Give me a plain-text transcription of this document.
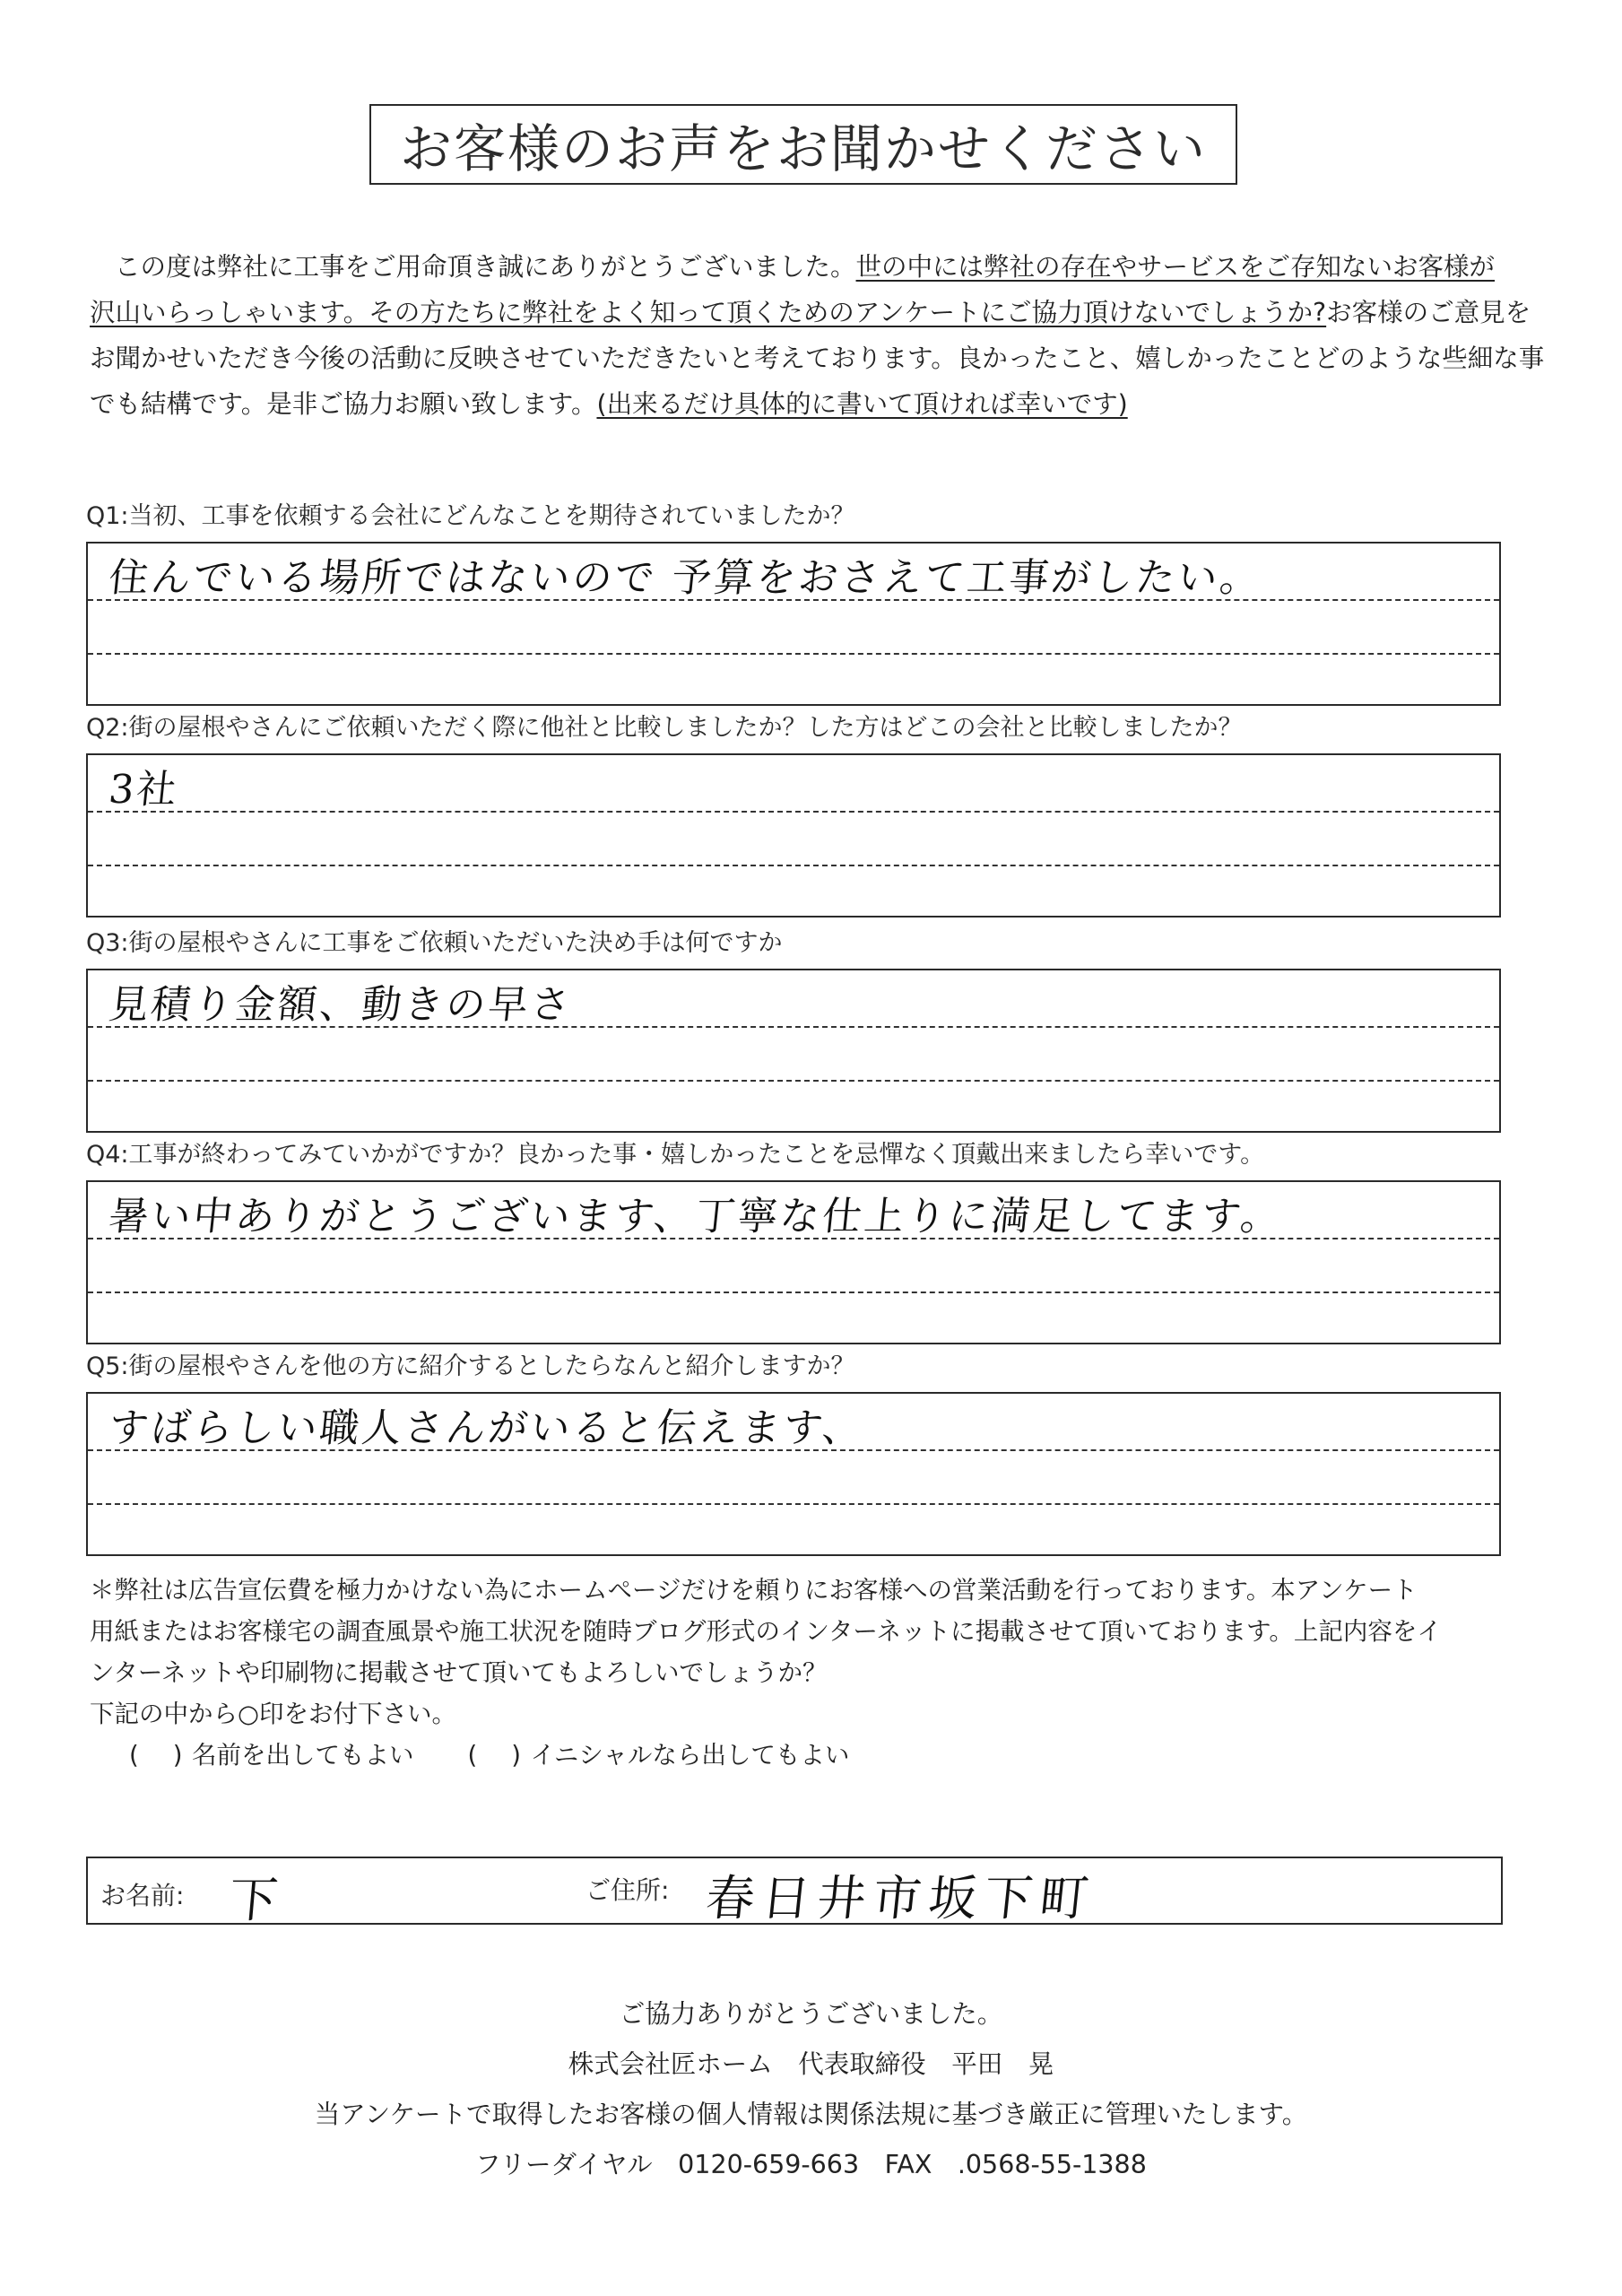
お客様のお声をお聞かせください

この度は弊社に工事をご用命頂き誠にありがとうございました。世の中には弊社の存在やサービスをご存知ないお客様が

沢山いらっしゃいます。その方たちに弊社をよく知って頂くためのアンケートにご協力頂けないでしょうか?お客様のご意見を

お聞かせいただき今後の活動に反映させていただきたいと考えております。良かったこと、嬉しかったことどのような些細な事

でも結構です。是非ご協力お願い致します。(出来るだけ具体的に書いて頂ければ幸いです)

Q1:当初、工事を依頼する会社にどんなことを期待されていましたか？
住んでいる場所ではないので 予算をおさえて工事がしたい。
Q2:街の屋根やさんにご依頼いただく際に他社と比較しましたか？した方はどこの会社と比較しましたか？
3社
Q3:街の屋根やさんに工事をご依頼いただいた決め手は何ですか
見積り金額、動きの早さ
Q4:工事が終わってみていかがですか？良かった事・嬉しかったことを忌憚なく頂戴出来ましたら幸いです。
暑い中ありがとうございます、丁寧な仕上りに満足してます。
Q5:街の屋根やさんを他の方に紹介するとしたらなんと紹介しますか？
すばらしい職人さんがいると伝えます、

＊弊社は広告宣伝費を極力かけない為にホームページだけを頼りにお客様への営業活動を行っております。本アンケート

用紙またはお客様宅の調査風景や施工状況を随時ブログ形式のインターネットに掲載させて頂いております。上記内容をイ

ンターネットや印刷物に掲載させて頂いてもよろしいでしょうか？

下記の中から○印をお付下さい。

( ) 名前を出してもよい ( ) イニシャルなら出してもよい
お名前: 下	ご住所: 春日井市坂下町

ご協力ありがとうございました。

株式会社匠ホーム　代表取締役　平田　晃

当アンケートで取得したお客様の個人情報は関係法規に基づき厳正に管理いたします。

フリーダイヤル　0120-659-663　FAX　.0568-55-1388
